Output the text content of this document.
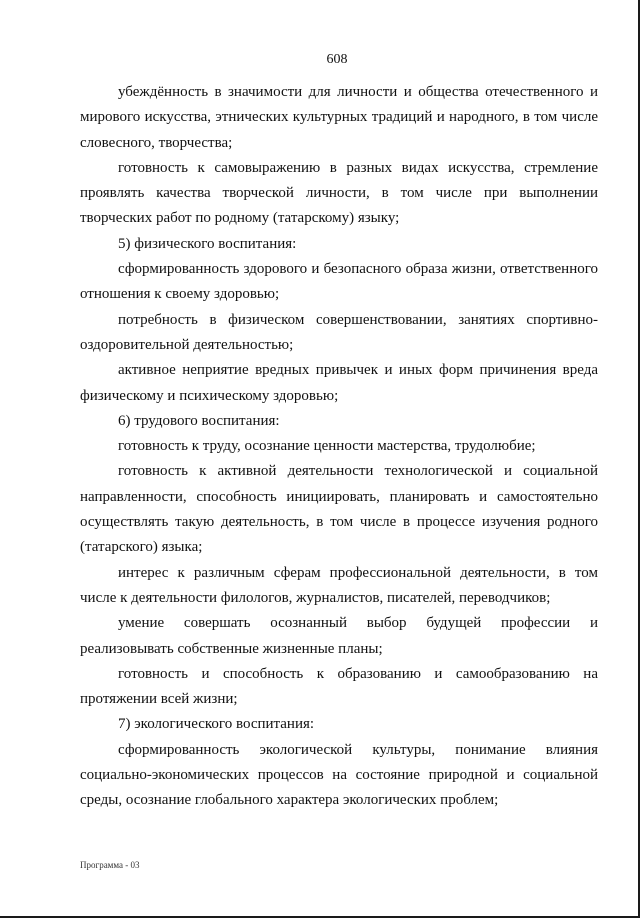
608

убеждённость в значимости для личности и общества отечественного и мирового искусства, этнических культурных традиций и народного, в том числе словесного, творчества;

готовность к самовыражению в разных видах искусства, стремление проявлять качества творческой личности, в том числе при выполнении творческих работ по родному (татарскому) языку;

5) физического воспитания:

сформированность здорового и безопасного образа жизни, ответственного отношения к своему здоровью;

потребность в физическом совершенствовании, занятиях спортивно-оздоровительной деятельностью;

активное неприятие вредных привычек и иных форм причинения вреда физическому и психическому здоровью;

6) трудового воспитания:

готовность к труду, осознание ценности мастерства, трудолюбие;

готовность к активной деятельности технологической и социальной направленности, способность инициировать, планировать и самостоятельно осуществлять такую деятельность, в том числе в процессе изучения родного (татарского) языка;

интерес к различным сферам профессиональной деятельности, в том числе к деятельности филологов, журналистов, писателей, переводчиков;

умение совершать осознанный выбор будущей профессии и реализовывать собственные жизненные планы;

готовность и способность к образованию и самообразованию на протяжении всей жизни;

7) экологического воспитания:

сформированность экологической культуры, понимание влияния социально-экономических процессов на состояние природной и социальной среды, осознание глобального характера экологических проблем;

Программа - 03
